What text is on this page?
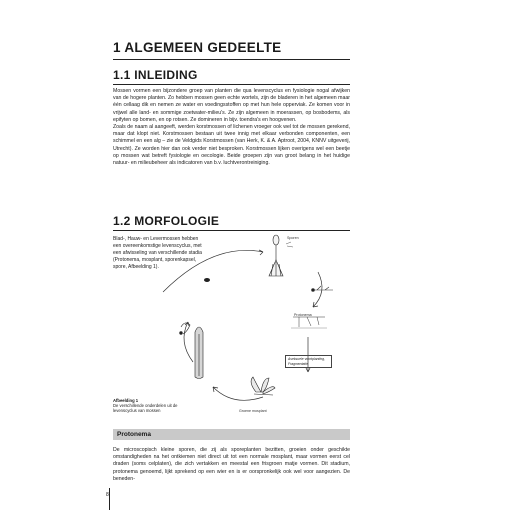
1 ALGEMEEN GEDEELTE
1.1 INLEIDING

Mossen vormen een bijzondere groep van planten die qua levenscyclus en fysiologie nogal afwijken van de hogere planten. Zo hebben mossen geen echte wortels, zijn de bladeren in het algemeen maar één cellaag dik en nemen ze water en voedingsstoffen op met hun hele opperviak. Ze komen voor in vrijwel alle land- en sommige zoetwater-milieu's. Ze zijn algemeen in moerassen, op bosbodems, als epifyten op bomen, en op rotsen. Ze domineren in bijv. toendra's en hoogvenen.

Zoals de naam al aangeeft, werden korstmossen of lichenen vroeger ook wel tot de mossen gerekend, maar dat klopt niet. Korstmossen bestaan uit twee innig met elkaar verbonden componenten, een schimmel en een alg – zie de Veldgids Korstmossen (van Herk, K. & A. Aptroot, 2004, KNNV uitgeverij, Utrecht). Ze worden hier dan ook verder niet besproken. Korstmossen lijken overigens wel een beetje op mossen wat betreft fysiologie en oecologie. Beide groepen zijn van groot belang in het huidige natuur- en milieubeheer als indicatoren van b.v. luchtverontreiniging.

1.2 MORFOLOGIE

Blad-, Hauw- en Levermossen hebben een overeenkomstige levenscyclus, met een afwisseling van verschillende stadia (Protonema, mosplant, sporenkapsel, spore, Afbeelding 1).

Sporen
Protonema
Aseksuele voortplanting, Fragmentatie
Groene mosplant
Afbeelding 1
De verschillende onderdelen uit de levenscyclus van mossen
Protonema

De microscopisch kleine sporen, die zij als sporeplanten bezitten, groeien onder geschikte omstandigheden na het ontkiemen niet direct uit tot een normale mosplant, maar vormen eerst cel draden (soms celplaten), die zich vertakken en meestal een frisgroen matje vormen. Dit stadium, protonema genoemd, lijkt sprekend op een wier en is er oorspronkelijk ook wel voor aangezien. De beneden-

8
